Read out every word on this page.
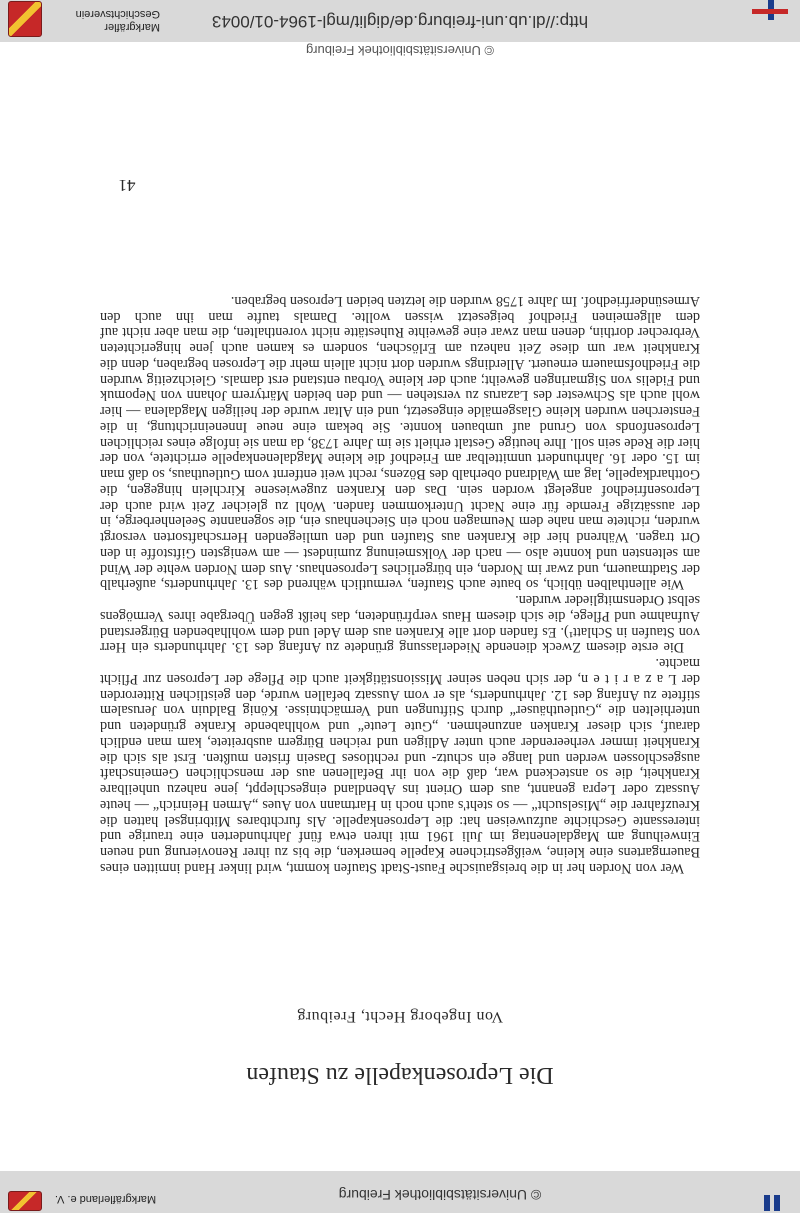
http://dl.ub.uni-freiburg.de/diglit/mgl-1964-01/0043
© Universitätsbibliothek Freiburg
Markgräfler Geschichtsverein
© Universitätsbibliothek Freiburg
Markgräflerland e. V.
Die Leprosenkapelle zu Staufen
Von Ingeborg Hecht, Freiburg

Wer von Norden her in die breisgauische Faust-Stadt Staufen kommt, wird linker Hand inmitten eines Bauerngartens eine kleine, weißgestrichene Kapelle bemerken, die bis zu ihrer Renovierung und neuen Einweihung am Magdalenentag im Juli 1961 mit ihren etwa fünf Jahrhunderten eine traurige und interessante Geschichte aufzuweisen hat: die Leprosenkapelle. Als furchtbares Mitbringsel hatten die Kreuzfahrer die „Miselsucht“ — so steht's auch noch in Hartmann von Aues „Armen Heinrich“ — heute Aussatz oder Lepra genannt, aus dem Orient ins Abendland eingeschleppt, jene nahezu unheilbare Krankheit, die so ansteckend war, daß die von ihr Befallenen aus der menschlichen Gemeinschaft ausgeschlossen werden und lange ein schutz- und rechtloses Dasein fristen mußten. Erst als sich die Krankheit immer verheerender auch unter Adligen und reichen Bürgern ausbreitete, kam man endlich darauf, sich dieser Kranken anzunehmen. „Gute Leute“ und wohlhabende Kranke gründeten und unterhielten die „Gutleuthäuser“ durch Stiftungen und Vermächtnisse. König Balduin von Jerusalem stiftete zu Anfang des 12. Jahrhunderts, als er vom Aussatz befallen wurde, den geistlichen Ritterorden der L a z a r i t e n, der sich neben seiner Missionstätigkeit auch die Pflege der Leprosen zur Pflicht machte.

Die erste diesem Zweck dienende Niederlassung gründete zu Anfang des 13. Jahrhunderts ein Herr von Staufen in Schlatt¹). Es fanden dort alle Kranken aus dem Adel und dem wohlhabenden Bürgerstand Aufnahme und Pflege, die sich diesem Haus verpfründeten, das heißt gegen Übergabe ihres Vermögens selbst Ordensmitglieder wurden.

Wie allenthalben üblich, so baute auch Staufen, vermutlich während des 13. Jahrhunderts, außerhalb der Stadtmauern, und zwar im Norden, ein bürgerliches Leprosenhaus. Aus dem Norden wehte der Wind am seltensten und konnte also — nach der Volksmeinung zumindest — am wenigsten Giftstoffe in den Ort tragen. Während hier die Kranken aus Staufen und den umliegenden Herrschaftsorten versorgt wurden, richtete man nahe dem Neumagen noch ein Siechenhaus ein, die sogenannte Seelenherberge, in der aussätzige Fremde für eine Nacht Unterkommen fanden. Wohl zu gleicher Zeit wird auch der Leprosenfriedhof angelegt worden sein. Das den Kranken zugewiesene Kirchlein hingegen, die Gotthardkapelle, lag am Waldrand oberhalb des Bözens, recht weit entfernt vom Gutleuthaus, so daß man im 15. oder 16. Jahrhundert unmittelbar am Friedhof die kleine Magdalenenkapelle errichtete, von der hier die Rede sein soll. Ihre heutige Gestalt erhielt sie im Jahre 1738, da man sie infolge eines reichlichen Leprosenfonds von Grund auf umbauen konnte. Sie bekam eine neue Inneneinrichtung, in die Fensterchen wurden kleine Glasgemälde eingesetzt, und ein Altar wurde der heiligen Magdalena — hier wohl auch als Schwester des Lazarus zu verstehen — und den beiden Märtyrern Johann von Nepomuk und Fidelis von Sigmaringen geweiht; auch der kleine Vorbau entstand erst damals. Gleichzeitig wurden die Friedhofsmauern erneuert. Allerdings wurden dort nicht allein mehr die Leprosen begraben, denn die Krankheit war um diese Zeit nahezu am Erlöschen, sondern es kamen auch jene hingerichteten Verbrecher dorthin, denen man zwar eine geweihte Ruhestätte nicht vorenthalten, die man aber nicht auf dem allgemeinen Friedhof beigesetzt wissen wollte. Damals taufte man ihn auch den Armesünderfriedhof. Im Jahre 1758 wurden die letzten beiden Leprosen begraben.

41
